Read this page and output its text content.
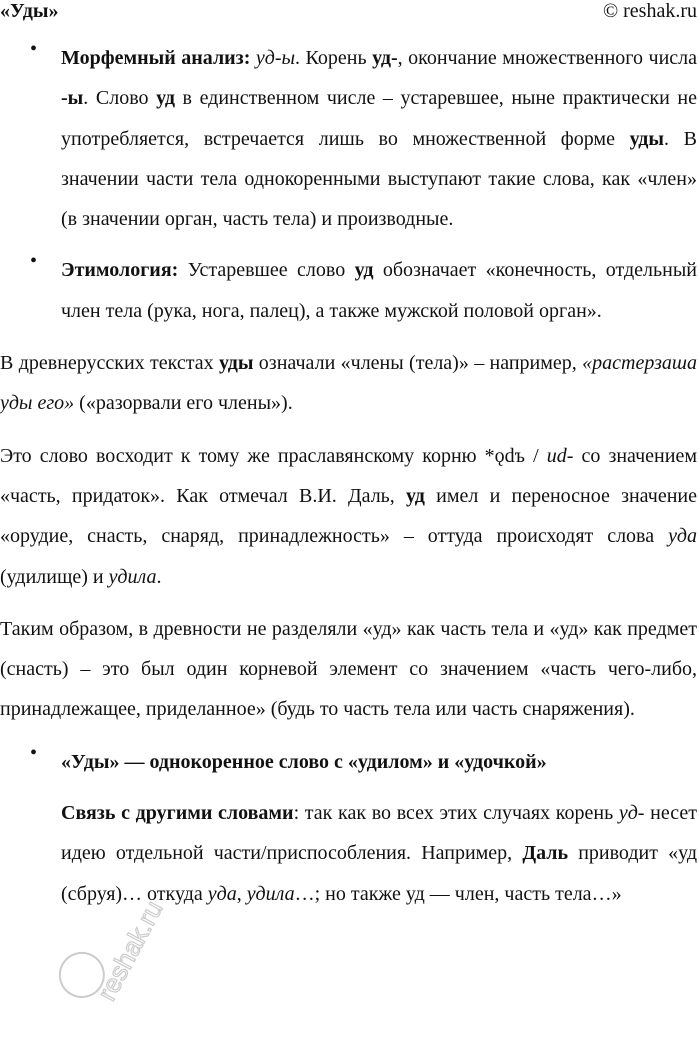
«Уды»	© reshak.ru
• Морфемный анализ: уд-ы. Корень уд-, окончание множественного числа -ы. Слово уд в единственном числе – устаревшее, ныне практически не употребляется, встречается лишь во множественной форме уды. В значении части тела однокоренными выступают такие слова, как «член» (в значении орган, часть тела) и производные.

• Этимология: Устаревшее слово уд обозначает «конечность, отдельный член тела (рука, нога, палец), а также мужской половой орган».

В древнерусских текстах уды означали «члены (тела)» – например, «растерзаша уды его» («разорвали его члены»).

Это слово восходит к тому же праславянскому корню *ǫdъ / ud- со значением «часть, придаток». Как отмечал В.И. Даль, уд имел и переносное значение «орудие, снасть, снаряд, принадлежность» – оттуда происходят слова уда (удилище) и удила.

Таким образом, в древности не разделяли «уд» как часть тела и «уд» как предмет (снасть) – это был один корневой элемент со значением «часть чего-либо, принадлежащее, приделанное» (будь то часть тела или часть снаряжения).

• «Уды» — однокоренное слово с «удилом» и «удочкой»

Связь с другими словами: так как во всех этих случаях корень уд- несет идею отдельной части/приспособления. Например, Даль приводит «уд (сбруя)… откуда уда, удила…; но также уд — член, часть тела…»

reshak.ru
